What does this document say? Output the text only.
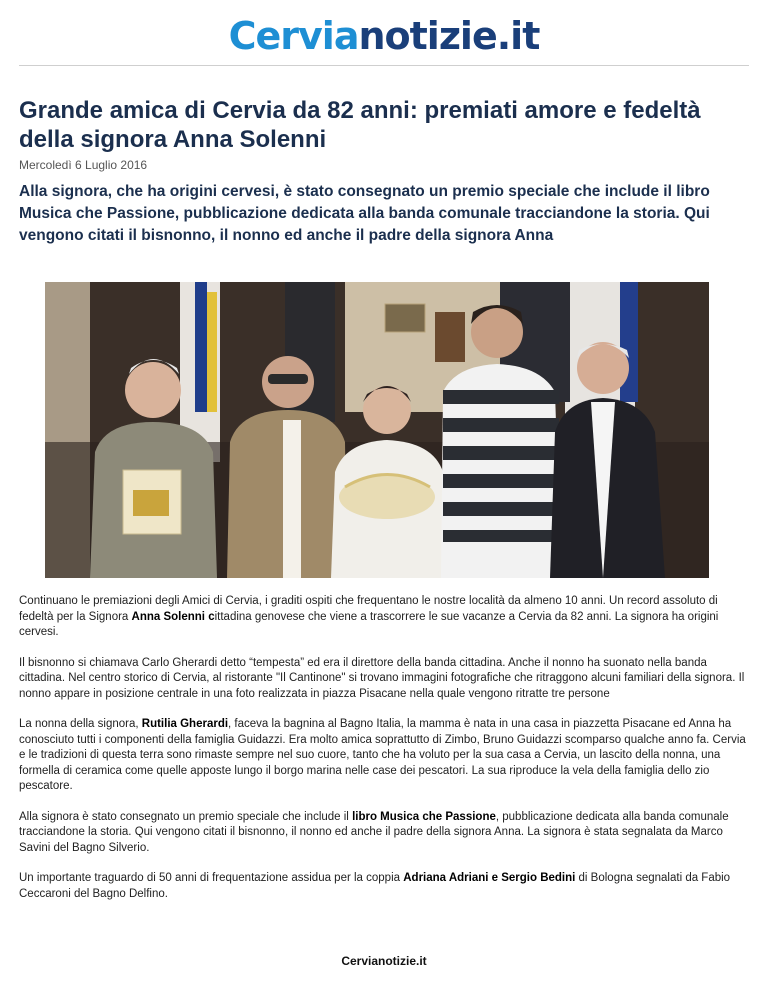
Cervianotizie.it
Grande amica di Cervia da 82 anni: premiati amore e fedeltà della signora Anna Solenni
Mercoledì 6 Luglio 2016
Alla signora, che ha origini cervesi, è stato consegnato un premio speciale che include il libro Musica che Passione, pubblicazione dedicata alla banda comunale tracciandone la storia. Qui vengono citati il bisnonno, il nonno ed anche il padre della signora Anna

Continuano le premiazioni degli Amici di Cervia, i graditi ospiti che frequentano le nostre località da almeno 10 anni. Un record assoluto di fedeltà per la Signora Anna Solenni cittadina genovese che viene a trascorrere le sue vacanze a Cervia da 82 anni. La signora ha origini cervesi.

Il bisnonno si chiamava Carlo Gherardi detto “tempesta” ed era il direttore della banda cittadina. Anche il nonno ha suonato nella banda cittadina. Nel centro storico di Cervia, al ristorante "Il Cantinone" si trovano immagini fotografiche che ritraggono alcuni familiari della signora. Il nonno appare in posizione centrale in una foto realizzata in piazza Pisacane nella quale vengono ritratte tre persone

La nonna della signora, Rutilia Gherardi, faceva la bagnina al Bagno Italia, la mamma è nata in una casa in piazzetta Pisacane ed Anna ha conosciuto tutti i componenti della famiglia Guidazzi. Era molto amica soprattutto di Zimbo, Bruno Guidazzi scomparso qualche anno fa. Cervia e le tradizioni di questa terra sono rimaste sempre nel suo cuore, tanto che ha voluto per la sua casa a Cervia, un lascito della nonna, una formella di ceramica come quelle apposte lungo il borgo marina nelle case dei pescatori. La sua riproduce la vela della famiglia dello zio pescatore.

Alla signora è stato consegnato un premio speciale che include il libro Musica che Passione, pubblicazione dedicata alla banda comunale tracciandone la storia. Qui vengono citati il bisnonno, il nonno ed anche il padre della signora Anna. La signora è stata segnalata da Marco Savini del Bagno Silverio.

Un importante traguardo di 50 anni di frequentazione assidua per la coppia Adriana Adriani e Sergio Bedini di Bologna segnalati da Fabio Ceccaroni del Bagno Delfino.

Cervianotizie.it
